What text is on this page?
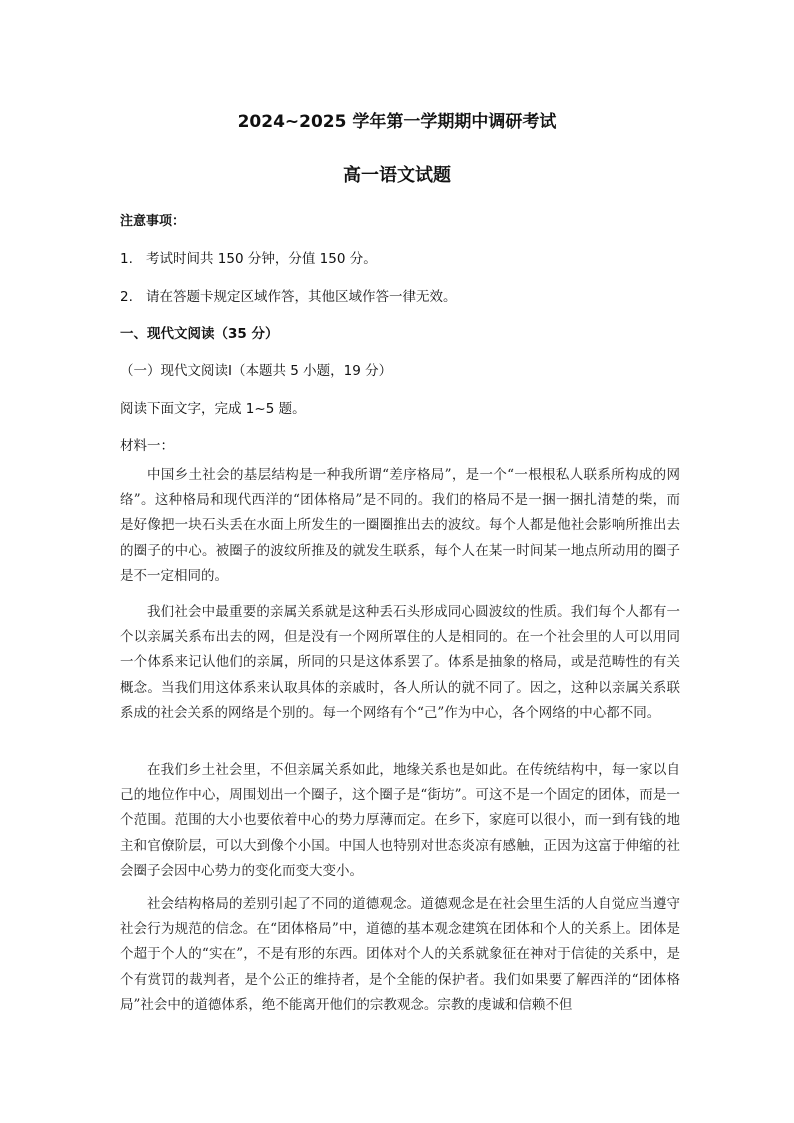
2024~2025 学年第一学期期中调研考试
高一语文试题
注意事项：
1. 考试时间共 150 分钟，分值 150 分。
2. 请在答题卡规定区域作答，其他区域作答一律无效。
一、现代文阅读（35 分）
（一）现代文阅读Ⅰ（本题共 5 小题，19 分）
阅读下面文字，完成 1~5 题。
材料一：

中国乡土社会的基层结构是一种我所谓“差序格局”，是一个“一根根私人联系所构成的网络”。这种格局和现代西洋的“团体格局”是不同的。我们的格局不是一捆一捆扎清楚的柴，而是好像把一块石头丢在水面上所发生的一圈圈推出去的波纹。每个人都是他社会影响所推出去的圈子的中心。被圈子的波纹所推及的就发生联系，每个人在某一时间某一地点所动用的圈子是不一定相同的。

我们社会中最重要的亲属关系就是这种丢石头形成同心圆波纹的性质。我们每个人都有一个以亲属关系布出去的网，但是没有一个网所罩住的人是相同的。在一个社会里的人可以用同一个体系来记认他们的亲属，所同的只是这体系罢了。体系是抽象的格局，或是范畴性的有关概念。当我们用这体系来认取具体的亲戚时，各人所认的就不同了。因之，这种以亲属关系联系成的社会关系的网络是个别的。每一个网络有个“己”作为中心，各个网络的中心都不同。

在我们乡土社会里，不但亲属关系如此，地缘关系也是如此。在传统结构中，每一家以自己的地位作中心，周围划出一个圈子，这个圈子是“街坊”。可这不是一个固定的团体，而是一个范围。范围的大小也要依着中心的势力厚薄而定。在乡下，家庭可以很小，而一到有钱的地主和官僚阶层，可以大到像个小国。中国人也特别对世态炎凉有感触，正因为这富于伸缩的社会圈子会因中心势力的变化而变大变小。

社会结构格局的差别引起了不同的道德观念。道德观念是在社会里生活的人自觉应当遵守社会行为规范的信念。在“团体格局”中，道德的基本观念建筑在团体和个人的关系上。团体是个超于个人的“实在”，不是有形的东西。团体对个人的关系就象征在神对于信徒的关系中，是个有赏罚的裁判者，是个公正的维持者，是个全能的保护者。我们如果要了解西洋的“团体格局”社会中的道德体系，绝不能离开他们的宗教观念。宗教的虔诚和信赖不但
